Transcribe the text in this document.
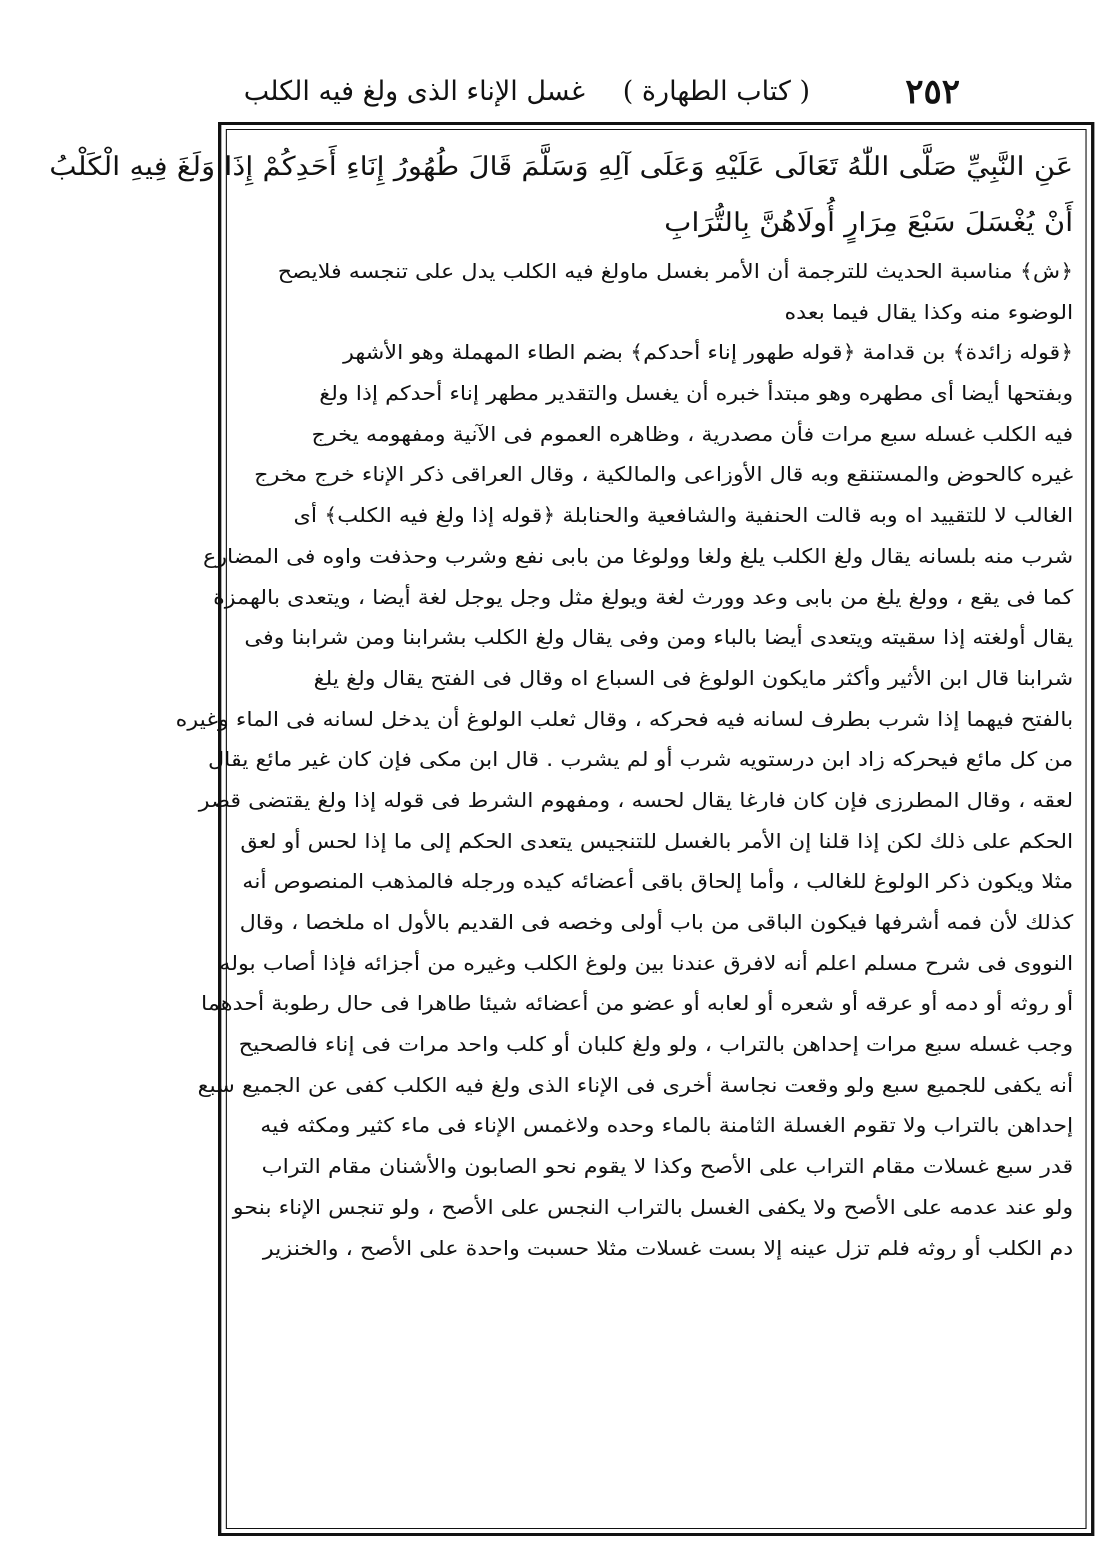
٢٥٢
( كتاب الطهارة )
غسل الإناء الذى ولغ فيه الكلب
عَنِ النَّبِيِّ صَلَّى اللّٰهُ تَعَالَى عَلَيْهِ وَعَلَى آلِهِ وَسَلَّمَ قَالَ طُهُورُ إِنَاءِ أَحَدِكُمْ إِذَا وَلَغَ فِيهِ الْكَلْبُ
أَنْ يُغْسَلَ سَبْعَ مِرَارٍ أُولَاهُنَّ بِالتُّرَابِ
﴿ش﴾ مناسبة الحديث للترجمة أن الأمر بغسل ماولغ فيه الكلب يدل على تنجسه فلايصح
الوضوء منه وكذا يقال فيما بعده
﴿قوله زائدة﴾ بن قدامة ﴿قوله طهور إناء أحدكم﴾ بضم الطاء المهملة وهو الأشهر
وبفتحها أيضا أى مطهره وهو مبتدأ خبره أن يغسل والتقدير مطهر إناء أحدكم إذا ولغ
فيه الكلب غسله سبع مرات فأن مصدرية ، وظاهره العموم فى الآنية ومفهومه يخرج
غيره كالحوض والمستنقع وبه قال الأوزاعى والمالكية ، وقال العراقى ذكر الإناء خرج مخرج
الغالب لا للتقييد اه وبه قالت الحنفية والشافعية والحنابلة ﴿قوله إذا ولغ فيه الكلب﴾ أى
شرب منه بلسانه يقال ولغ الكلب يلغ ولغا وولوغا من بابى نفع وشرب وحذفت واوه فى المضارع
كما فى يقع ، وولغ يلغ من بابى وعد وورث لغة ويولغ مثل وجل يوجل لغة أيضا ، ويتعدى بالهمزة
يقال أولغته إذا سقيته ويتعدى أيضا بالباء ومن وفى يقال ولغ الكلب بشرابنا ومن شرابنا وفى
شرابنا قال ابن الأثير وأكثر مايكون الولوغ فى السباع اه وقال فى الفتح يقال ولغ يلغ
بالفتح فيهما إذا شرب بطرف لسانه فيه فحركه ، وقال ثعلب الولوغ أن يدخل لسانه فى الماء وغيره
من كل مائع فيحركه زاد ابن درستويه شرب أو لم يشرب . قال ابن مكى فإن كان غير مائع يقال
لعقه ، وقال المطرزى فإن كان فارغا يقال لحسه ، ومفهوم الشرط فى قوله إذا ولغ يقتضى قصر
الحكم على ذلك لكن إذا قلنا إن الأمر بالغسل للتنجيس يتعدى الحكم إلى ما إذا لحس أو لعق
مثلا ويكون ذكر الولوغ للغالب ، وأما إلحاق باقى أعضائه كيده ورجله فالمذهب المنصوص أنه
كذلك لأن فمه أشرفها فيكون الباقى من باب أولى وخصه فى القديم بالأول اه ملخصا ، وقال
النووى فى شرح مسلم اعلم أنه لافرق عندنا بين ولوغ الكلب وغيره من أجزائه فإذا أصاب بوله
أو روثه أو دمه أو عرقه أو شعره أو لعابه أو عضو من أعضائه شيئا طاهرا فى حال رطوبة أحدهما
وجب غسله سبع مرات إحداهن بالتراب ، ولو ولغ كلبان أو كلب واحد مرات فى إناء فالصحيح
أنه يكفى للجميع سبع ولو وقعت نجاسة أخرى فى الإناء الذى ولغ فيه الكلب كفى عن الجميع سبع
إحداهن بالتراب ولا تقوم الغسلة الثامنة بالماء وحده ولاغمس الإناء فى ماء كثير ومكثه فيه
قدر سبع غسلات مقام التراب على الأصح وكذا لا يقوم نحو الصابون والأشنان مقام التراب
ولو عند عدمه على الأصح ولا يكفى الغسل بالتراب النجس على الأصح ، ولو تنجس الإناء بنحو
دم الكلب أو روثه فلم تزل عينه إلا بست غسلات مثلا حسبت واحدة على الأصح ، والخنزير
